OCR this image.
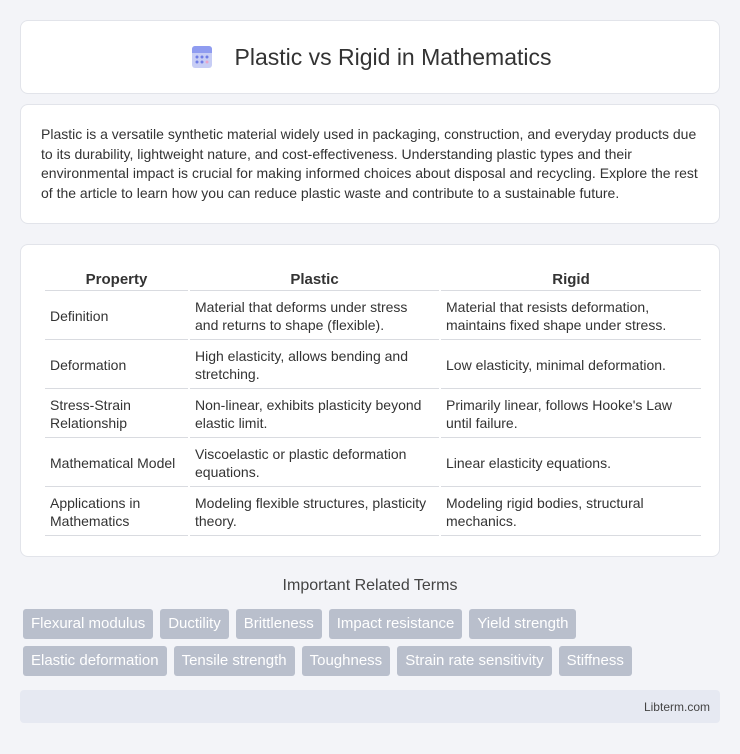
Plastic vs Rigid in Mathematics

Plastic is a versatile synthetic material widely used in packaging, construction, and everyday products due to its durability, lightweight nature, and cost-effectiveness. Understanding plastic types and their environmental impact is crucial for making informed choices about disposal and recycling. Explore the rest of the article to learn how you can reduce plastic waste and contribute to a sustainable future.

Property	Plastic	Rigid
Definition	Material that deforms under stress and returns to shape (flexible).	Material that resists deformation, maintains fixed shape under stress.
Deformation	High elasticity, allows bending and stretching.	Low elasticity, minimal deformation.
Stress-Strain Relationship	Non-linear, exhibits plasticity beyond elastic limit.	Primarily linear, follows Hooke's Law until failure.
Mathematical Model	Viscoelastic or plastic deformation equations.	Linear elasticity equations.
Applications in Mathematics	Modeling flexible structures, plasticity theory.	Modeling rigid bodies, structural mechanics.
Important Related Terms
Flexural modulus	Ductility	Brittleness	Impact resistance	Yield strength
Elastic deformation	Tensile strength	Toughness	Strain rate sensitivity	Stiffness
Libterm.com
